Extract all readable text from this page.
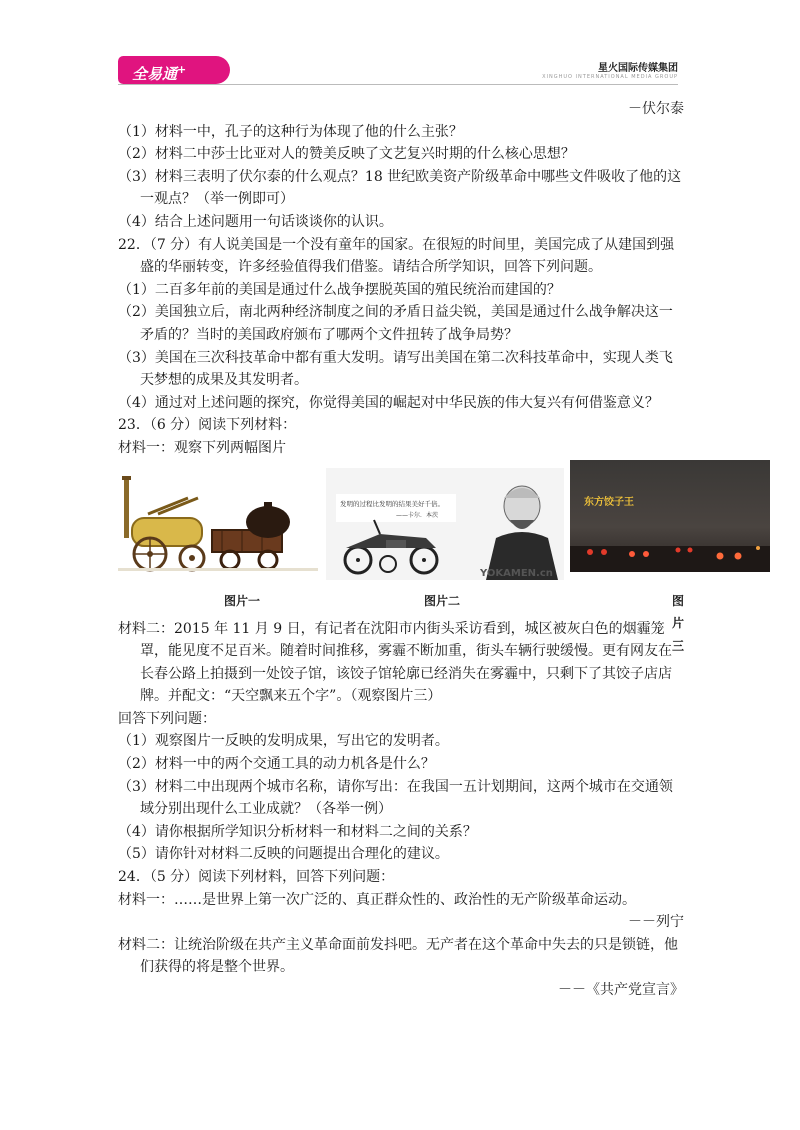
全易通+	星火国际传媒集团
XINGHUO INTERNATIONAL MEDIA GROUP

－伏尔泰

（1）材料一中，孔子的这种行为体现了他的什么主张？

（2）材料二中莎士比亚对人的赞美反映了文艺复兴时期的什么核心思想？

（3）材料三表明了伏尔泰的什么观点？18 世纪欧美资产阶级革命中哪些文件吸收了他的这一观点？（举一例即可）

（4）结合上述问题用一句话谈谈你的认识。

22．（7 分）有人说美国是一个没有童年的国家。在很短的时间里，美国完成了从建国到强盛的华丽转变，许多经验值得我们借鉴。请结合所学知识，回答下列问题。

（1）二百多年前的美国是通过什么战争摆脱英国的殖民统治而建国的？

（2）美国独立后，南北两种经济制度之间的矛盾日益尖锐，美国是通过什么战争解决这一矛盾的？当时的美国政府颁布了哪两个文件扭转了战争局势？

（3）美国在三次科技革命中都有重大发明。请写出美国在第二次科技革命中，实现人类飞天梦想的成果及其发明者。

（4）通过对上述问题的探究，你觉得美国的崛起对中华民族的伟大复兴有何借鉴意义？

23．（6 分）阅读下列材料：

材料一：观察下列两幅图片

图片一
发明的过程比发明的结果美好千倍。
——卡尔．本茨
YOKAMEN.cn
图片二
东方饺子王
图片三

材料二：2015 年 11 月 9 日，有记者在沈阳市内街头采访看到，城区被灰白色的烟霾笼罩，能见度不足百米。随着时间推移，雾霾不断加重，街头车辆行驶缓慢。更有网友在长春公路上拍摄到一处饺子馆，该饺子馆轮廓已经消失在雾霾中，只剩下了其饺子店店牌。并配文：“天空飘来五个字”。（观察图片三）

回答下列问题：

（1）观察图片一反映的发明成果，写出它的发明者。

（2）材料一中的两个交通工具的动力机各是什么？

（3）材料二中出现两个城市名称，请你写出：在我国一五计划期间，这两个城市在交通领域分别出现什么工业成就？（各举一例）

（4）请你根据所学知识分析材料一和材料二之间的关系？

（5）请你针对材料二反映的问题提出合理化的建议。

24．（5 分）阅读下列材料，回答下列问题：

材料一：……是世界上第一次广泛的、真正群众性的、政治性的无产阶级革命运动。

－－列宁

材料二：让统治阶级在共产主义革命面前发抖吧。无产者在这个革命中失去的只是锁链，他们获得的将是整个世界。

－－《共产党宣言》
